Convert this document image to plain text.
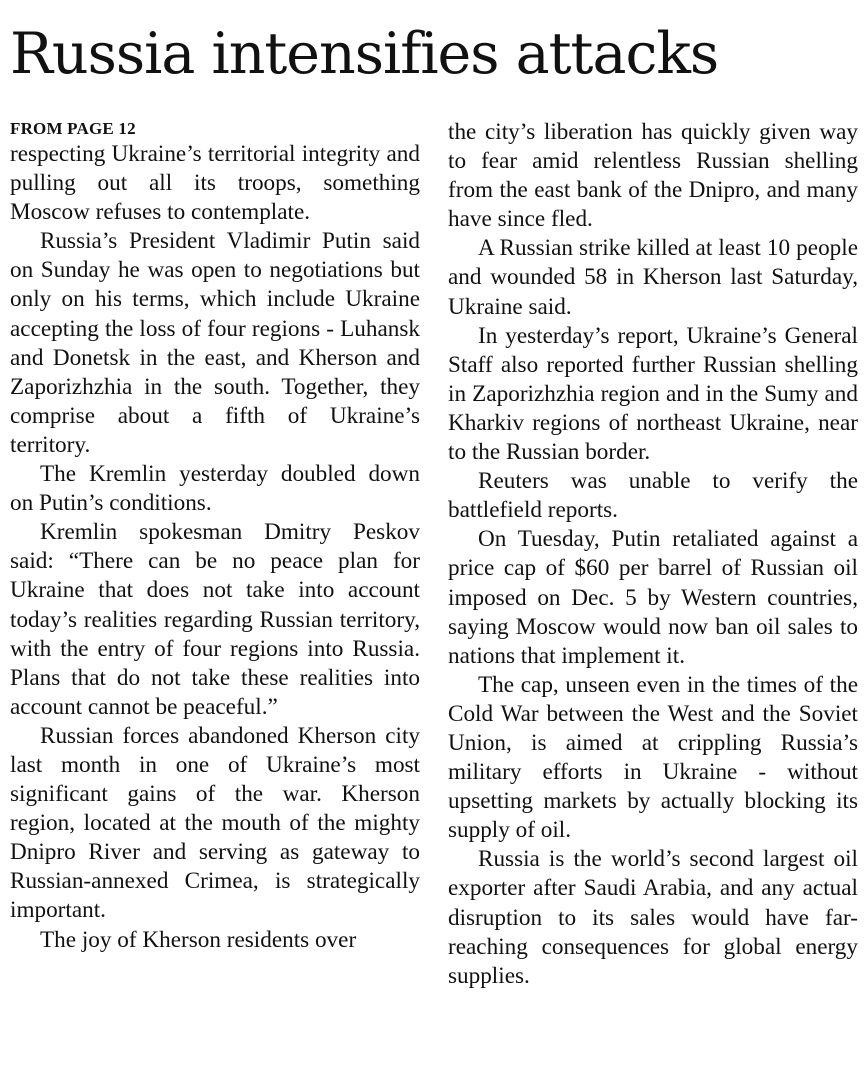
Russia intensifies attacks
FROM PAGE 12

respecting Ukraine’s territorial integrity and pulling out all its troops, something Moscow refuses to contemplate.

Russia’s President Vladimir Putin said on Sunday he was open to negotiations but only on his terms, which include Ukraine accepting the loss of four regions - Luhansk and Donetsk in the east, and Kherson and Zaporizhzhia in the south. Together, they comprise about a fifth of Ukraine’s territory.

The Kremlin yesterday doubled down on Putin’s conditions.

Kremlin spokesman Dmitry Peskov said: “There can be no peace plan for Ukraine that does not take into account today’s realities regarding Russian territory, with the entry of four regions into Russia. Plans that do not take these realities into account cannot be peaceful.”

Russian forces abandoned Kherson city last month in one of Ukraine’s most significant gains of the war. Kherson region, located at the mouth of the mighty Dnipro River and serving as gateway to Russian-annexed Crimea, is strategically important.

The joy of Kherson residents over

the city’s liberation has quickly given way to fear amid relentless Russian shelling from the east bank of the Dnipro, and many have since fled.

A Russian strike killed at least 10 people and wounded 58 in Kherson last Saturday, Ukraine said.

In yesterday’s report, Ukraine’s General Staff also reported further Russian shelling in Zaporizhzhia region and in the Sumy and Kharkiv regions of northeast Ukraine, near to the Russian border.

Reuters was unable to verify the battlefield reports.

On Tuesday, Putin retaliated against a price cap of $60 per barrel of Russian oil imposed on Dec. 5 by Western countries, saying Moscow would now ban oil sales to nations that implement it.

The cap, unseen even in the times of the Cold War between the West and the Soviet Union, is aimed at crippling Russia’s military efforts in Ukraine - without upsetting markets by actually blocking its supply of oil.

Russia is the world’s second largest oil exporter after Saudi Arabia, and any actual disruption to its sales would have far-reaching consequences for global energy supplies.
